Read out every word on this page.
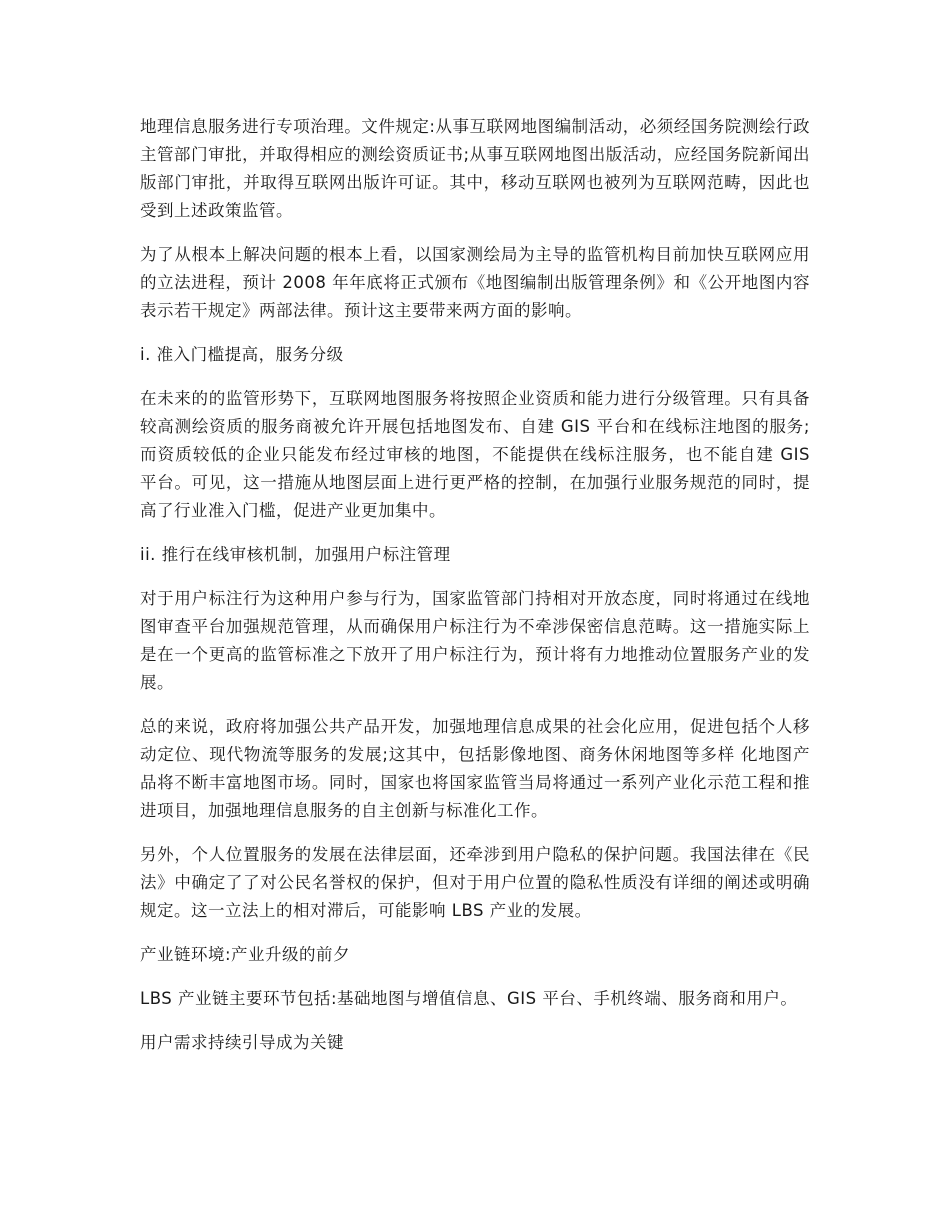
地理信息服务进行专项治理。文件规定:从事互联网地图编制活动，必须经国务院测绘行政主管部门审批，并取得相应的测绘资质证书;从事互联网地图出版活动，应经国务院新闻出版部门审批，并取得互联网出版许可证。其中，移动互联网也被列为互联网范畴，因此也受到上述政策监管。

为了从根本上解决问题的根本上看，以国家测绘局为主导的监管机构目前加快互联网应用的立法进程，预计 2008 年年底将正式颁布《地图编制出版管理条例》和《公开地图内容表示若干规定》两部法律。预计这主要带来两方面的影响。

i. 准入门槛提高，服务分级

在未来的的监管形势下，互联网地图服务将按照企业资质和能力进行分级管理。只有具备较高测绘资质的服务商被允许开展包括地图发布、自建 GIS 平台和在线标注地图的服务;而资质较低的企业只能发布经过审核的地图，不能提供在线标注服务，也不能自建 GIS 平台。可见，这一措施从地图层面上进行更严格的控制，在加强行业服务规范的同时，提高了行业准入门槛，促进产业更加集中。

ii. 推行在线审核机制，加强用户标注管理

对于用户标注行为这种用户参与行为，国家监管部门持相对开放态度，同时将通过在线地图审查平台加强规范管理，从而确保用户标注行为不牵涉保密信息范畴。这一措施实际上是在一个更高的监管标准之下放开了用户标注行为，预计将有力地推动位置服务产业的发展。

总的来说，政府将加强公共产品开发，加强地理信息成果的社会化应用，促进包括个人移动定位、现代物流等服务的发展;这其中，包括影像地图、商务休闲地图等多样 化地图产品将不断丰富地图市场。同时，国家也将国家监管当局将通过一系列产业化示范工程和推进项目，加强地理信息服务的自主创新与标准化工作。

另外，个人位置服务的发展在法律层面，还牵涉到用户隐私的保护问题。我国法律在《民法》中确定了了对公民名誉权的保护，但对于用户位置的隐私性质没有详细的阐述或明确规定。这一立法上的相对滞后，可能影响 LBS 产业的发展。

产业链环境:产业升级的前夕

LBS 产业链主要环节包括:基础地图与增值信息、GIS 平台、手机终端、服务商和用户。

用户需求持续引导成为关键
